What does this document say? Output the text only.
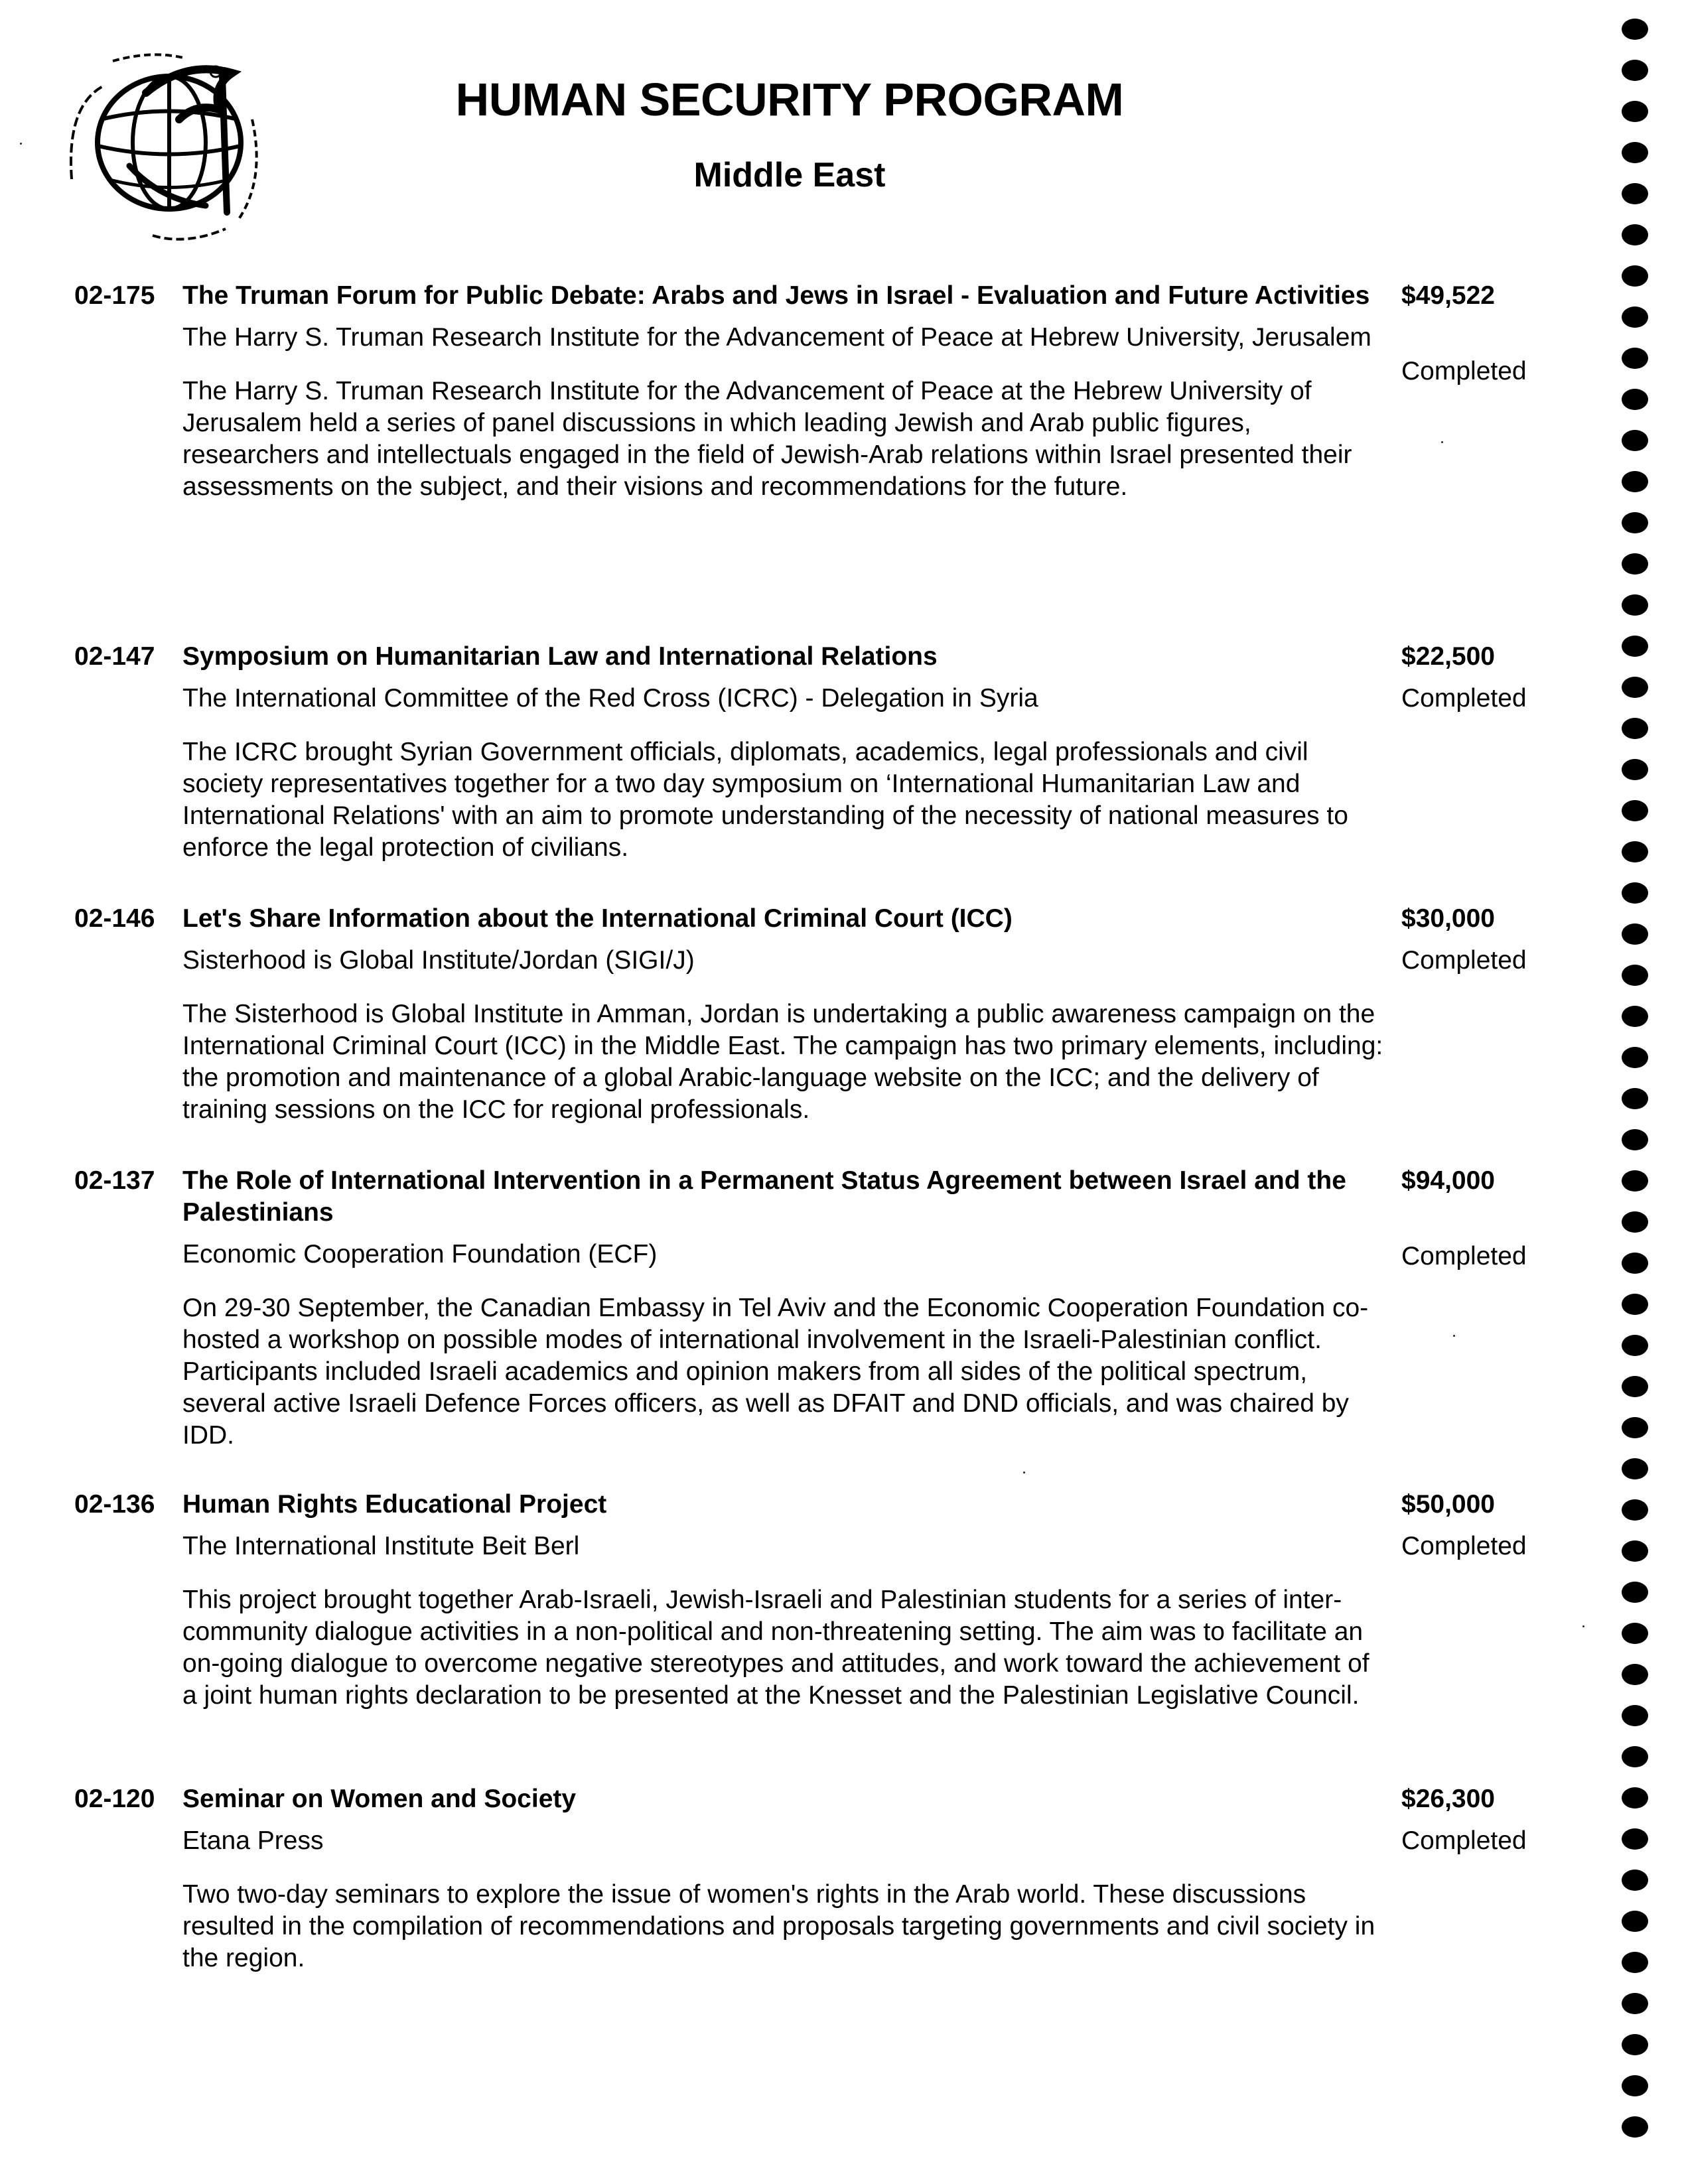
HUMAN SECURITY PROGRAM
Middle East
02-175	The Truman Forum for Public Debate: Arabs and Jews in Israel - Evaluation and Future Activities
The Harry S. Truman Research Institute for the Advancement of Peace at Hebrew University, Jerusalem
The Harry S. Truman Research Institute for the Advancement of Peace at the Hebrew University of Jerusalem held a series of panel discussions in which leading Jewish and Arab public figures, researchers and intellectuals engaged in the field of Jewish-Arab relations within Israel presented their assessments on the subject, and their visions and recommendations for the future.
$49,522
Completed
02-147	Symposium on Humanitarian Law and International Relations
The International Committee of the Red Cross (ICRC) - Delegation in Syria
The ICRC brought Syrian Government officials, diplomats, academics, legal professionals and civil society representatives together for a two day symposium on ‘International Humanitarian Law and International Relations' with an aim to promote understanding of the necessity of national measures to enforce the legal protection of civilians.
$22,500
Completed
02-146	Let's Share Information about the International Criminal Court (ICC)
Sisterhood is Global Institute/Jordan (SIGI/J)
The Sisterhood is Global Institute in Amman, Jordan is undertaking a public awareness campaign on the International Criminal Court (ICC) in the Middle East. The campaign has two primary elements, including: the promotion and maintenance of a global Arabic-language website on the ICC; and the delivery of training sessions on the ICC for regional professionals.
$30,000
Completed
02-137	The Role of International Intervention in a Permanent Status Agreement between Israel and the Palestinians
Economic Cooperation Foundation (ECF)
On 29-30 September, the Canadian Embassy in Tel Aviv and the Economic Cooperation Foundation co-hosted a workshop on possible modes of international involvement in the Israeli-Palestinian conflict. Participants included Israeli academics and opinion makers from all sides of the political spectrum, several active Israeli Defence Forces officers, as well as DFAIT and DND officials, and was chaired by IDD.
$94,000
Completed
02-136	Human Rights Educational Project
The International Institute Beit Berl
This project brought together Arab-Israeli, Jewish-Israeli and Palestinian students for a series of inter-community dialogue activities in a non-political and non-threatening setting. The aim was to facilitate an on-going dialogue to overcome negative stereotypes and attitudes, and work toward the achievement of a joint human rights declaration to be presented at the Knesset and the Palestinian Legislative Council.
$50,000
Completed
02-120	Seminar on Women and Society
Etana Press
Two two-day seminars to explore the issue of women's rights in the Arab world. These discussions resulted in the compilation of recommendations and proposals targeting governments and civil society in the region.
$26,300
Completed
